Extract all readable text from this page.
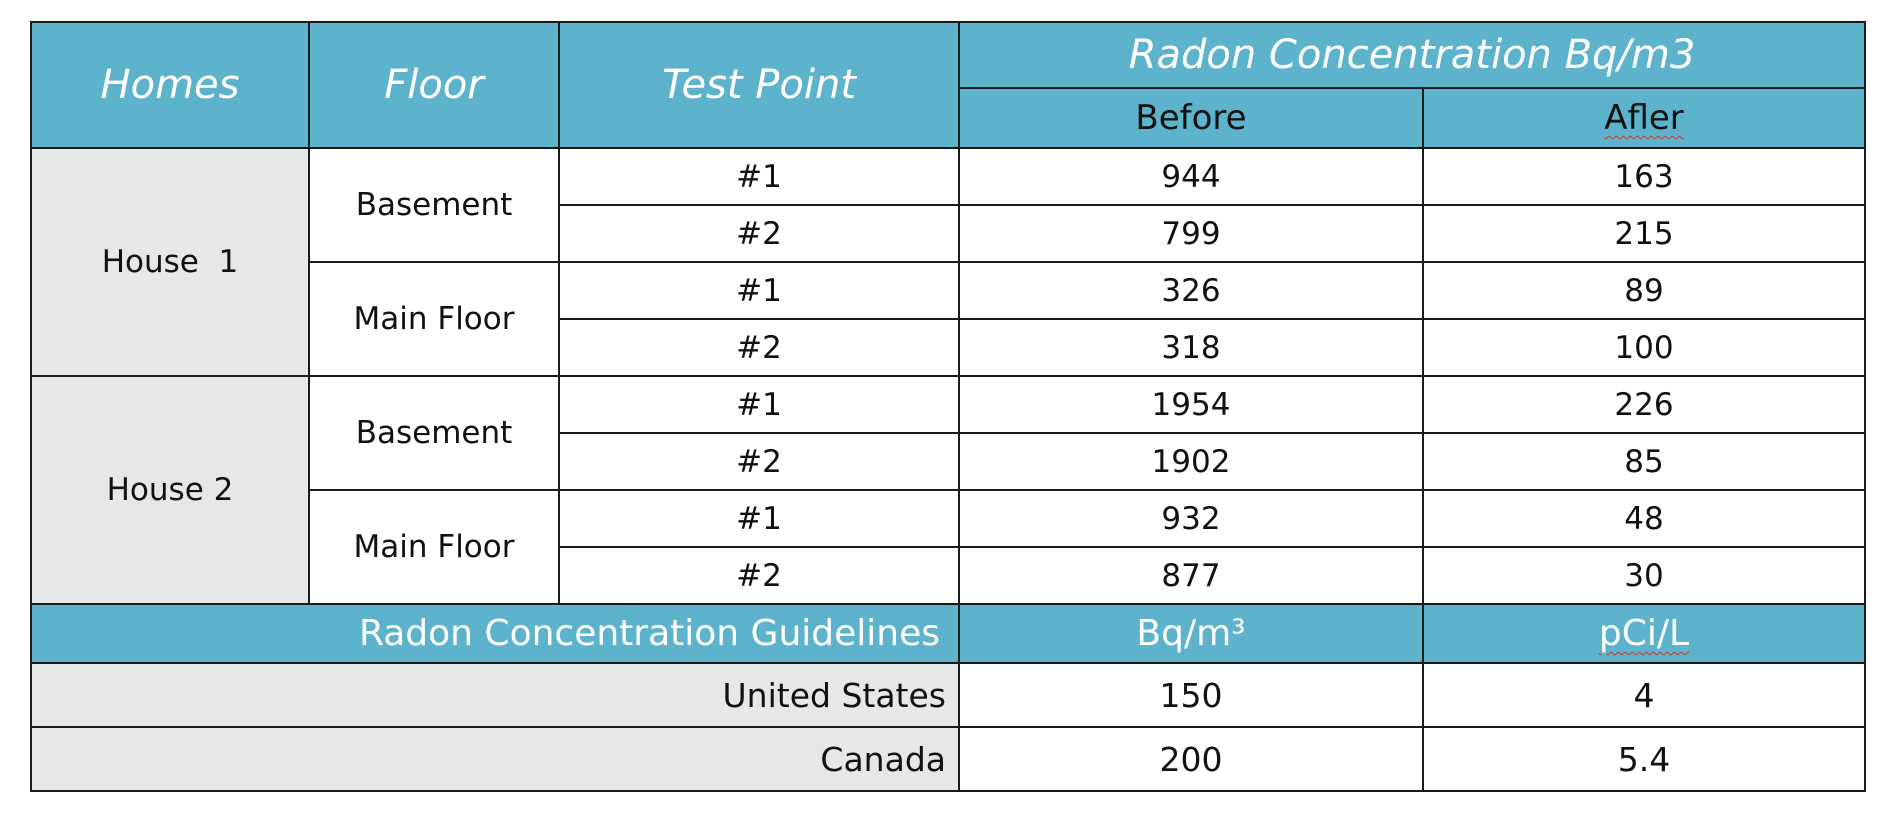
Homes	Floor	Test Point	Radon Concentration Bq/m3	
			Before	Afler
House  1	Basement	#1	944	163
		#2	799	215
	Main Floor	#1	326	89
		#2	318	100
House 2	Basement	#1	1954	226
		#2	1902	85
	Main Floor	#1	932	48
		#2	877	30
Radon Concentration Guidelines			Bq/m³	pCi/L
United States			150	4
Canada			200	5.4
